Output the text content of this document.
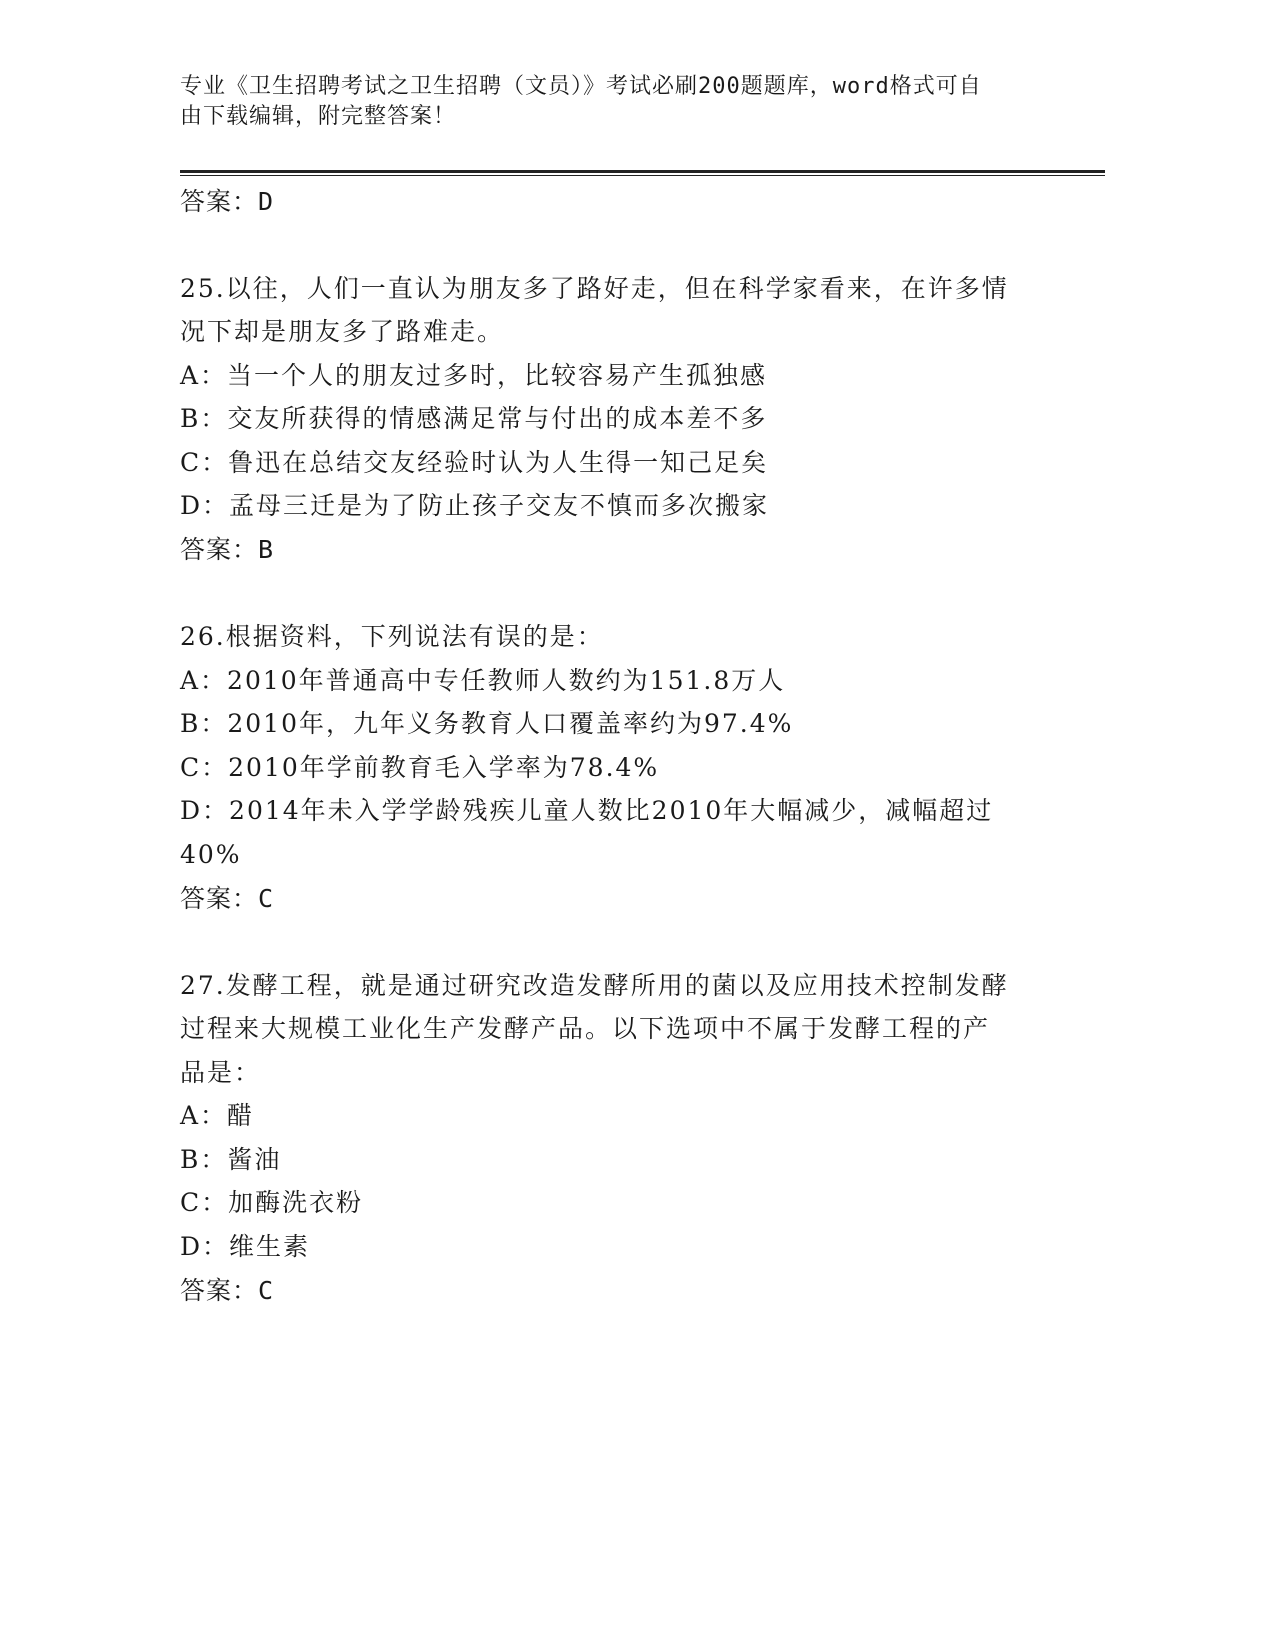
专业《卫生招聘考试之卫生招聘（文员）》考试必刷200题题库，word格式可自
由下载编辑，附完整答案！
答案：D
25.以往，人们一直认为朋友多了路好走，但在科学家看来，在许多情
况下却是朋友多了路难走。
A：当一个人的朋友过多时，比较容易产生孤独感
B：交友所获得的情感满足常与付出的成本差不多
C：鲁迅在总结交友经验时认为人生得一知己足矣
D：孟母三迁是为了防止孩子交友不慎而多次搬家
答案：B
26.根据资料，下列说法有误的是：
A：2010年普通高中专任教师人数约为151.8万人
B：2010年，九年义务教育人口覆盖率约为97.4%
C：2010年学前教育毛入学率为78.4%
D：2014年未入学学龄残疾儿童人数比2010年大幅减少，减幅超过
40%
答案：C
27.发酵工程，就是通过研究改造发酵所用的菌以及应用技术控制发酵
过程来大规模工业化生产发酵产品。以下选项中不属于发酵工程的产
品是：
A：醋
B：酱油
C：加酶洗衣粉
D：维生素
答案：C
